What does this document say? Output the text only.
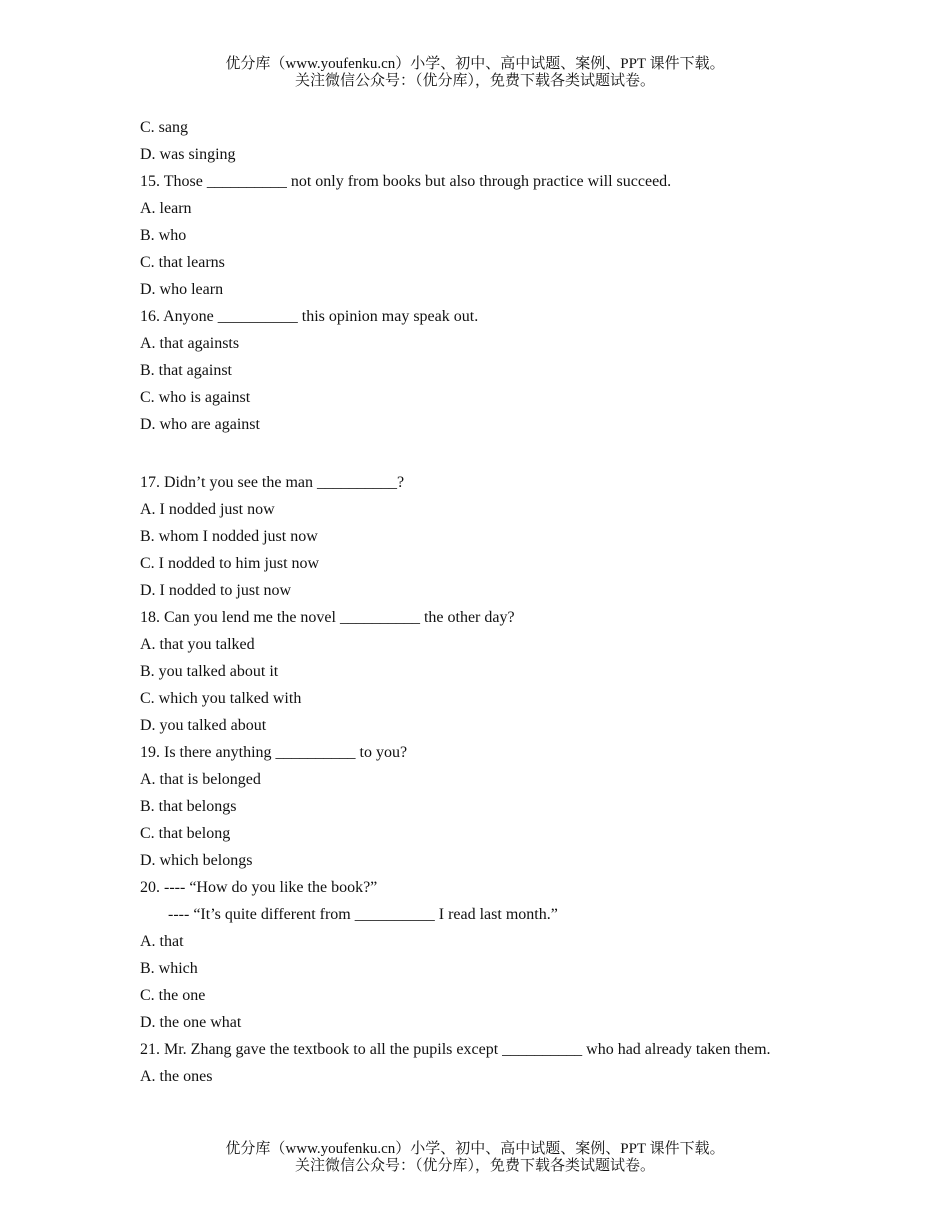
优分库（www.youfenku.cn）小学、初中、高中试题、案例、PPT 课件下载。
关注微信公众号：（优分库），免费下载各类试题试卷。
C. sang
D. was singing
15. Those __________ not only from books but also through practice will succeed.
A. learn
B. who
C. that learns
D. who learn
16. Anyone __________ this opinion may speak out.
A. that againsts
B. that against
C. who is against
D. who are against
17. Didn’t you see the man __________?
A. I nodded just now
B. whom I nodded just now
C. I nodded to him just now
D. I nodded to just now
18. Can you lend me the novel __________ the other day?
A. that you talked
B. you talked about it
C. which you talked with
D. you talked about
19. Is there anything __________ to you?
A. that is belonged
B. that belongs
C. that belong
D. which belongs
20. ---- “How do you like the book?”
---- “It’s quite different from __________ I read last month.”
A. that
B. which
C. the one
D. the one what
21. Mr. Zhang gave the textbook to all the pupils except __________ who had already taken them.
A. the ones
优分库（www.youfenku.cn）小学、初中、高中试题、案例、PPT 课件下载。
关注微信公众号：（优分库），免费下载各类试题试卷。
